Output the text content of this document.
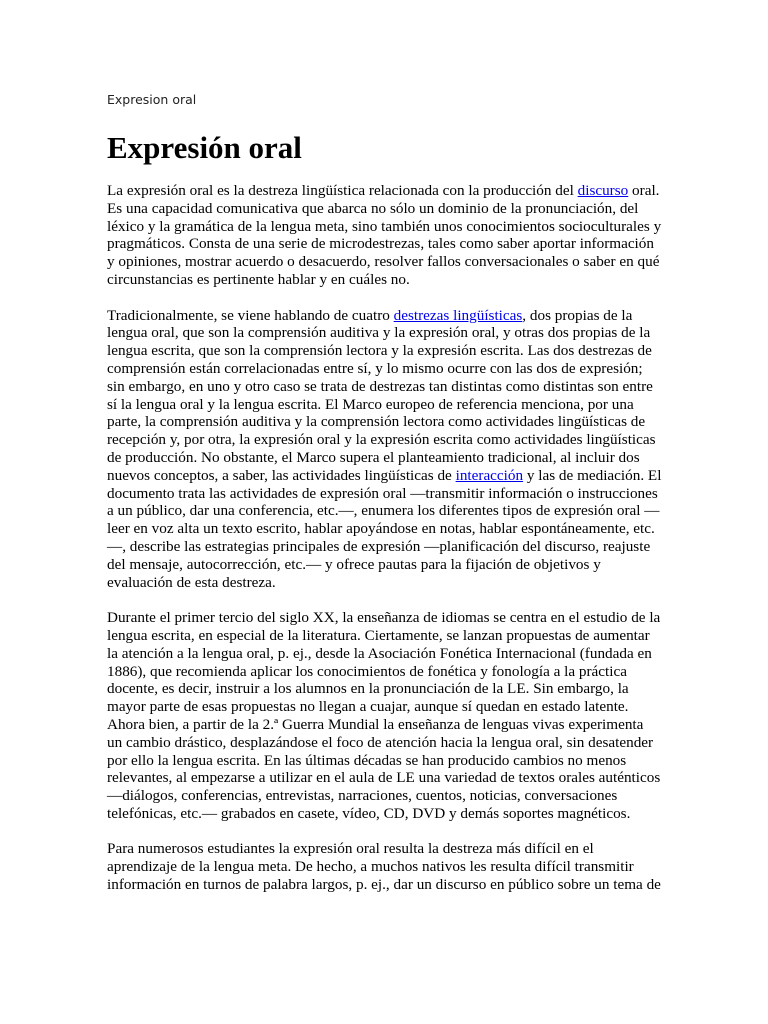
Expresion oral
Expresión oral

La expresión oral es la destreza lingüística relacionada con la producción del discurso oral. Es una capacidad comunicativa que abarca no sólo un dominio de la pronunciación, del léxico y la gramática de la lengua meta, sino también unos conocimientos socioculturales y pragmáticos. Consta de una serie de microdestrezas, tales como saber aportar información y opiniones, mostrar acuerdo o desacuerdo, resolver fallos conversacionales o saber en qué circunstancias es pertinente hablar y en cuáles no.

Tradicionalmente, se viene hablando de cuatro destrezas lingüísticas, dos propias de la lengua oral, que son la comprensión auditiva y la expresión oral, y otras dos propias de la lengua escrita, que son la comprensión lectora y la expresión escrita. Las dos destrezas de comprensión están correlacionadas entre sí, y lo mismo ocurre con las dos de expresión; sin embargo, en uno y otro caso se trata de destrezas tan distintas como distintas son entre sí la lengua oral y la lengua escrita. El Marco europeo de referencia menciona, por una parte, la comprensión auditiva y la comprensión lectora como actividades lingüísticas de recepción y, por otra, la expresión oral y la expresión escrita como actividades lingüísticas de producción. No obstante, el Marco supera el planteamiento tradicional, al incluir dos nuevos conceptos, a saber, las actividades lingüísticas de interacción y las de mediación. El documento trata las actividades de expresión oral —transmitir información o instrucciones a un público, dar una conferencia, etc.—, enumera los diferentes tipos de expresión oral —leer en voz alta un texto escrito, hablar apoyándose en notas, hablar espontáneamente, etc.—, describe las estrategias principales de expresión —planificación del discurso, reajuste del mensaje, autocorrección, etc.— y ofrece pautas para la fijación de objetivos y evaluación de esta destreza.

Durante el primer tercio del siglo XX, la enseñanza de idiomas se centra en el estudio de la lengua escrita, en especial de la literatura. Ciertamente, se lanzan propuestas de aumentar la atención a la lengua oral, p. ej., desde la Asociación Fonética Internacional (fundada en 1886), que recomienda aplicar los conocimientos de fonética y fonología a la práctica docente, es decir, instruir a los alumnos en la pronunciación de la LE. Sin embargo, la mayor parte de esas propuestas no llegan a cuajar, aunque sí quedan en estado latente. Ahora bien, a partir de la 2.ª Guerra Mundial la enseñanza de lenguas vivas experimenta un cambio drástico, desplazándose el foco de atención hacia la lengua oral, sin desatender por ello la lengua escrita. En las últimas décadas se han producido cambios no menos relevantes, al empezarse a utilizar en el aula de LE una variedad de textos orales auténticos —diálogos, conferencias, entrevistas, narraciones, cuentos, noticias, conversaciones telefónicas, etc.— grabados en casete, vídeo, CD, DVD y demás soportes magnéticos.

Para numerosos estudiantes la expresión oral resulta la destreza más difícil en el aprendizaje de la lengua meta. De hecho, a muchos nativos les resulta difícil transmitir información en turnos de palabra largos, p. ej., dar un discurso en público sobre un tema de
